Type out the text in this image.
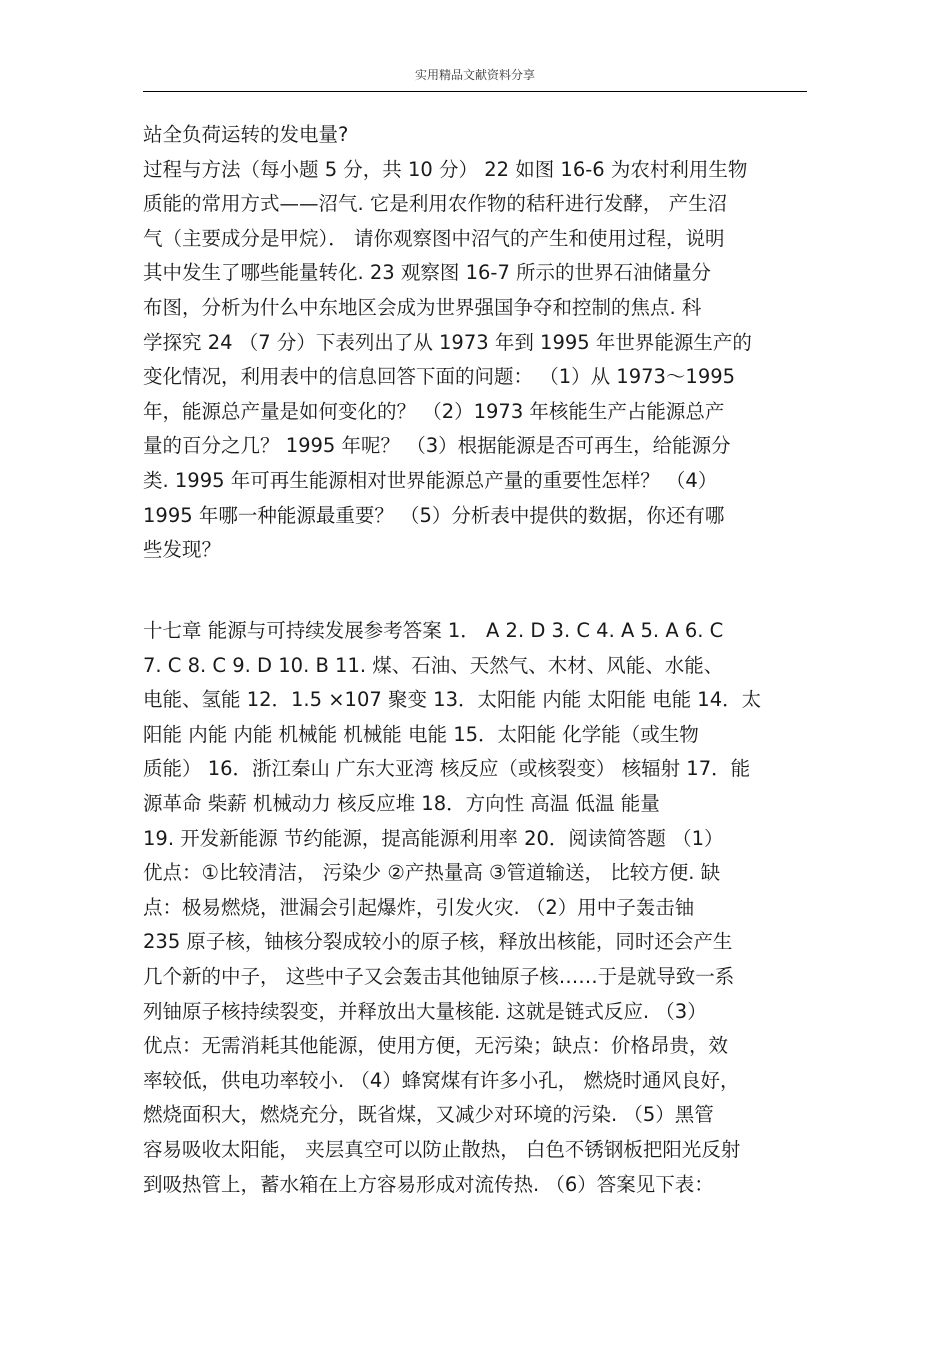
实用精品文献资料分享
站全负荷运转的发电量?
过程与方法（每小题 5 分，共 10 分） 22 如图 16-6 为农村利用生物
质能的常用方式——沼气. 它是利用农作物的秸秆进行发酵， 产生沼
气（主要成分是甲烷）． 请你观察图中沼气的产生和使用过程，说明
其中发生了哪些能量转化. 23 观察图 16-7 所示的世界石油储量分
布图，分析为什么中东地区会成为世界强国争夺和控制的焦点. 科
学探究 24 （7 分）下表列出了从 1973 年到 1995 年世界能源生产的
变化情况，利用表中的信息回答下面的问题： （1）从 1973～1995
年，能源总产量是如何变化的？ （2）1973 年核能生产占能源总产
量的百分之几？ 1995 年呢？ （3）根据能源是否可再生，给能源分
类. 1995 年可再生能源相对世界能源总产量的重要性怎样？ （4）
1995 年哪一种能源最重要？ （5）分析表中提供的数据，你还有哪
些发现？
十七章 能源与可持续发展参考答案 1． A 2. D 3. C 4. A 5. A 6. C
7. C 8. C 9. D 10. B 11. 煤、石油、天然气、木材、风能、水能、
电能、氢能 12．1.5 ×107 聚变 13．太阳能 内能 太阳能 电能 14．太
阳能 内能 内能 机械能 机械能 电能 15．太阳能 化学能（或生物
质能） 16．浙江秦山 广东大亚湾 核反应（或核裂变） 核辐射 17．能
源革命 柴薪 机械动力 核反应堆 18．方向性 高温 低温 能量
19. 开发新能源 节约能源，提高能源利用率 20．阅读简答题 （1）
优点：①比较清洁， 污染少 ②产热量高 ③管道输送， 比较方便. 缺
点：极易燃烧，泄漏会引起爆炸，引发火灾. （2）用中子轰击铀
235 原子核，铀核分裂成较小的原子核，释放出核能，同时还会产生
几个新的中子， 这些中子又会轰击其他铀原子核……于是就导致一系
列铀原子核持续裂变，并释放出大量核能. 这就是链式反应. （3）
优点：无需消耗其他能源，使用方便，无污染；缺点：价格昂贵，效
率较低，供电功率较小. （4）蜂窝煤有许多小孔， 燃烧时通风良好，
燃烧面积大，燃烧充分，既省煤，又减少对环境的污染. （5）黑管
容易吸收太阳能， 夹层真空可以防止散热， 白色不锈钢板把阳光反射
到吸热管上，蓄水箱在上方容易形成对流传热. （6）答案见下表：
